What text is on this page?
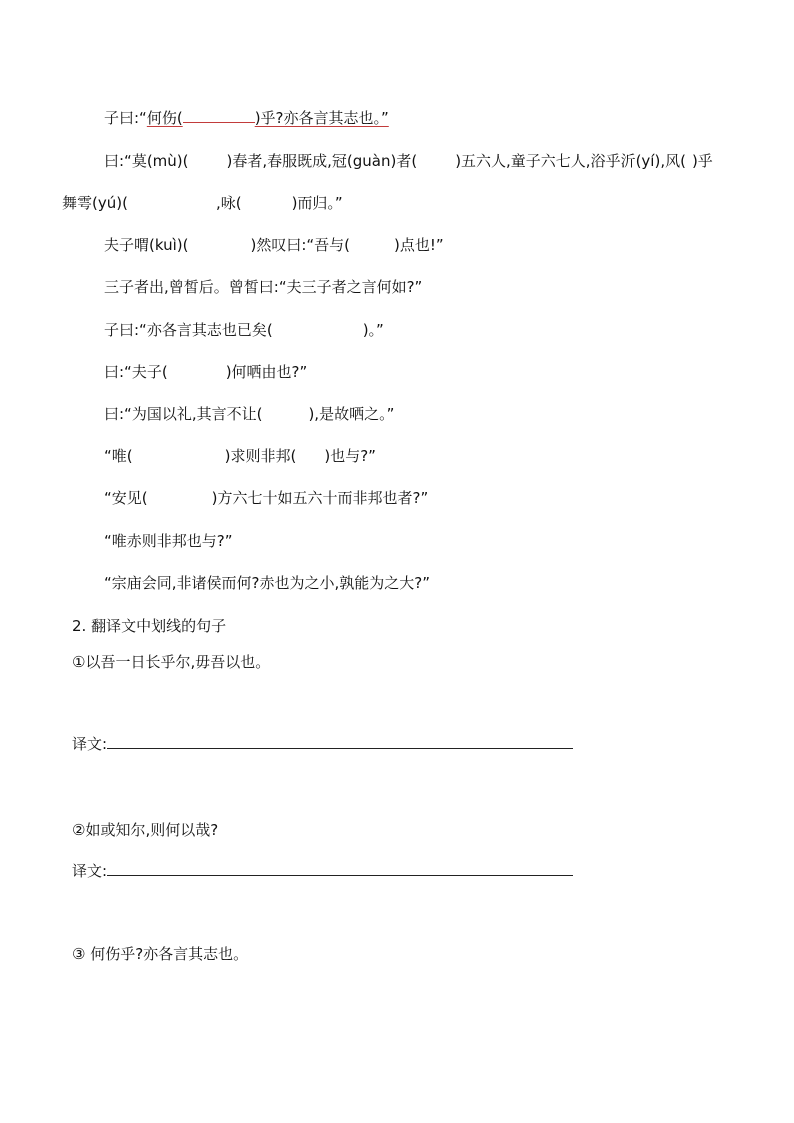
子曰:“何伤(	)乎?亦各言其志也。”
曰:“莫(mù)(	)春者,春服既成,冠(guàn)者(	)五六人,童子六七人,浴乎沂(yí),风( )乎
舞雩(yú)(	,咏(	)而归。”
夫子喟(kuì)(	)然叹曰:“吾与(	)点也!”
三子者出,曾皙后。曾皙曰:“夫三子者之言何如?”
子曰:“亦各言其志也已矣(	)。”
曰:“夫子(	)何哂由也?”
曰:“为国以礼,其言不让(	),是故哂之。”
“唯(	)求则非邦( )也与?”
“安见(	)方六七十如五六十而非邦也者?”
“唯赤则非邦也与?”
“宗庙会同,非诸侯而何?赤也为之小,孰能为之大?”
2. 翻译文中划线的句子
①以吾一日长乎尔,毋吾以也。
译文:
②如或知尔,则何以哉?
译文:
③ 何伤乎?亦各言其志也。
